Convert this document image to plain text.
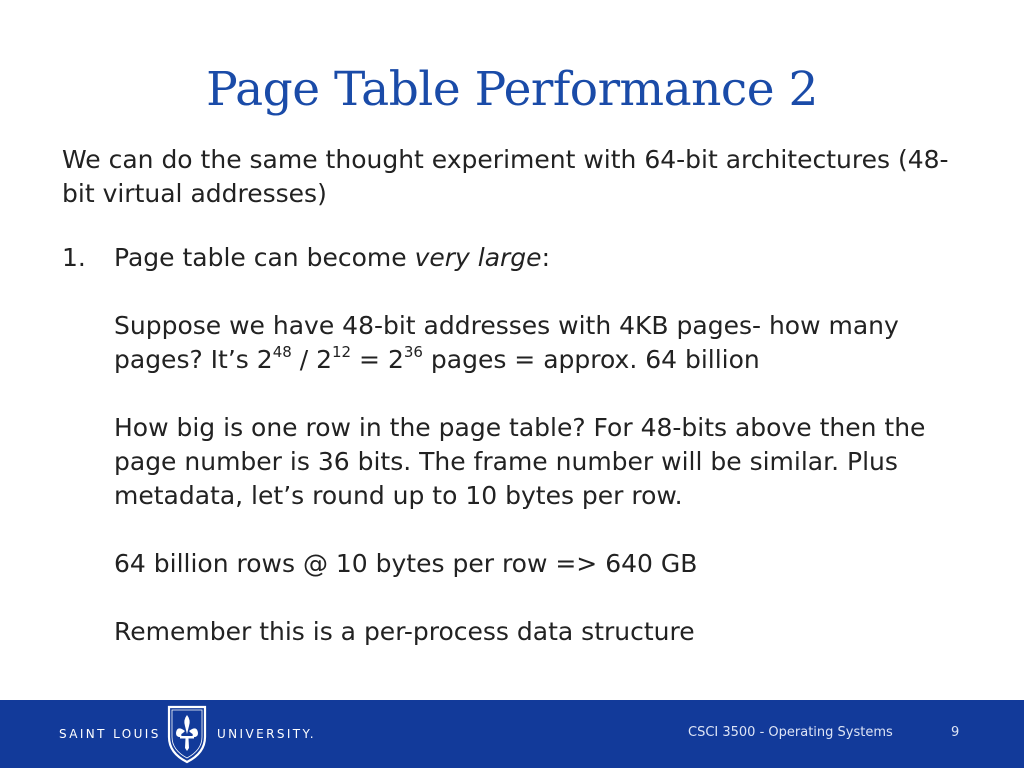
Page Table Performance 2

We can do the same thought experiment with 64-bit architectures (48-bit virtual addresses)

1.	Page table can become very large:

Suppose we have 48-bit addresses with 4KB pages- how many pages? It’s $2^{48} / 2^{12} = 2^{36}$ pages = approx. 64 billion

How big is one row in the page table? For 48-bits above then the page number is 36 bits. The frame number will be similar. Plus metadata, let’s round up to 10 bytes per row.

64 billion rows @ 10 bytes per row => 640 GB

Remember this is a per-process data structure

SAINT LOUIS	UNIVERSITY.	CSCI 3500 - Operating Systems	9
